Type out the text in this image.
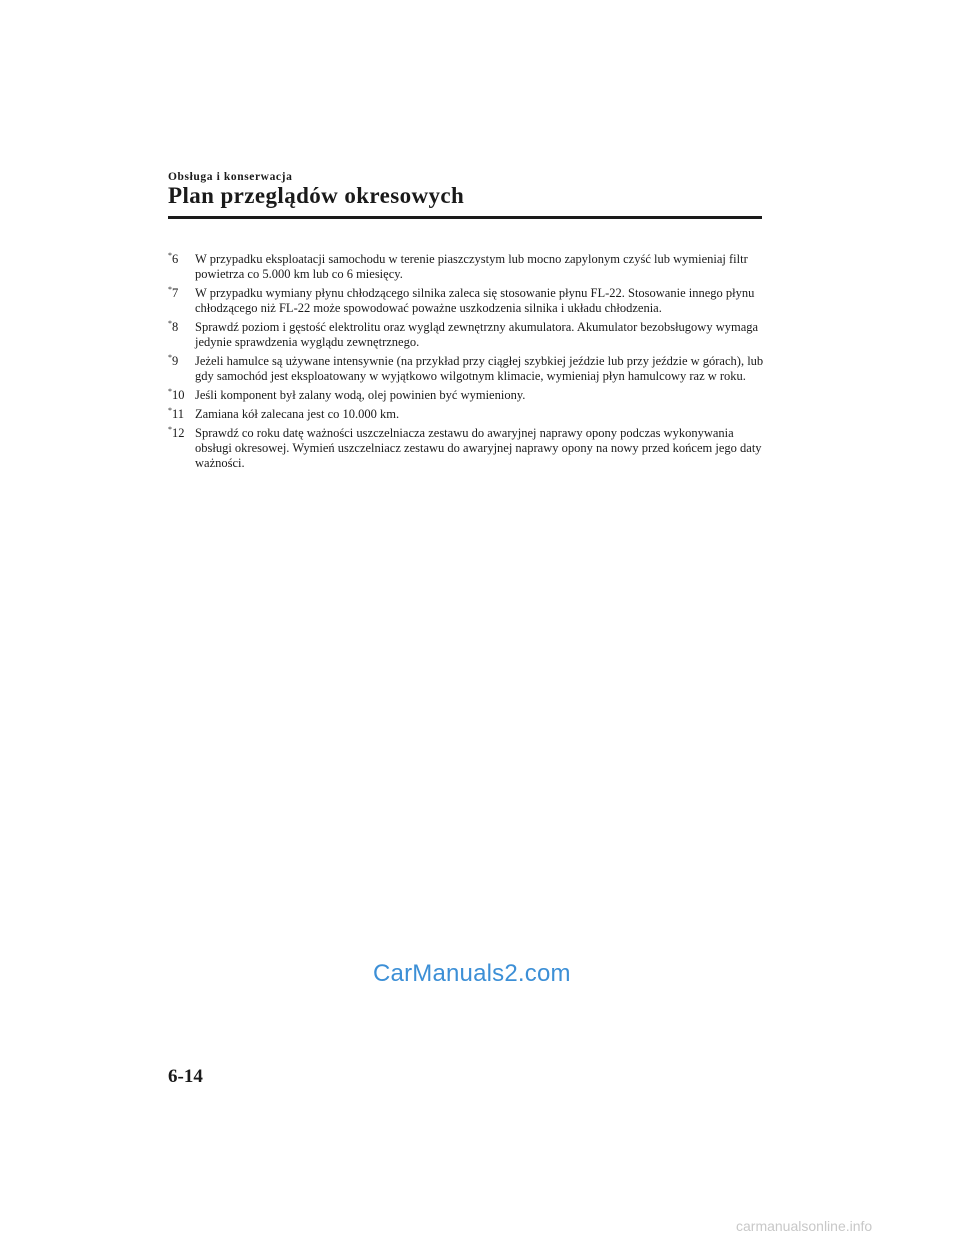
Obsługa i konserwacja
Plan przeglądów okresowych
*6 W przypadku eksploatacji samochodu w terenie piaszczystym lub mocno zapylonym czyść lub wymieniaj filtr powietrza co 5.000 km lub co 6 miesięcy.
*7 W przypadku wymiany płynu chłodzącego silnika zaleca się stosowanie płynu FL-22. Stosowanie innego płynu chłodzącego niż FL-22 może spowodować poważne uszkodzenia silnika i układu chłodzenia.
*8 Sprawdź poziom i gęstość elektrolitu oraz wygląd zewnętrzny akumulatora. Akumulator bezobsługowy wymaga jedynie sprawdzenia wyglądu zewnętrznego.
*9 Jeżeli hamulce są używane intensywnie (na przykład przy ciągłej szybkiej jeździe lub przy jeździe w górach), lub gdy samochód jest eksploatowany w wyjątkowo wilgotnym klimacie, wymieniaj płyn hamulcowy raz w roku.
*10 Jeśli komponent był zalany wodą, olej powinien być wymieniony.
*11 Zamiana kół zalecana jest co 10.000 km.
*12 Sprawdź co roku datę ważności uszczelniacza zestawu do awaryjnej naprawy opony podczas wykonywania obsługi okresowej. Wymień uszczelniacz zestawu do awaryjnej naprawy opony na nowy przed końcem jego daty ważności.
CarManuals2.com
6-14
carmanualsonline.info
